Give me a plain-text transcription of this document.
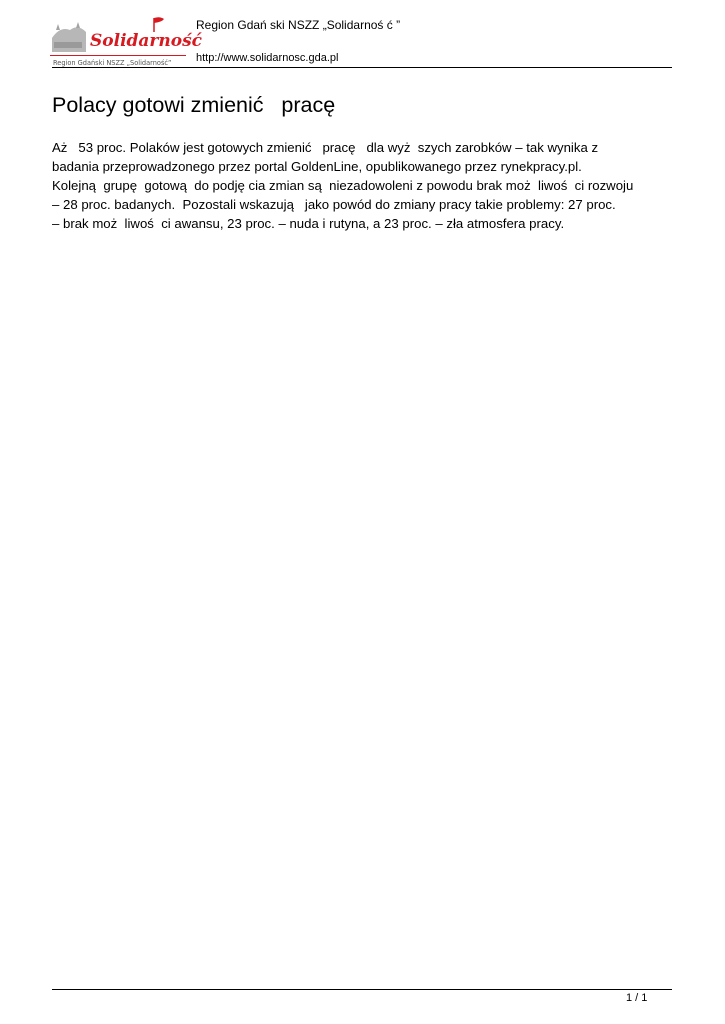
Solidarność
Region Gdański NSZZ „Solidarność”
Region Gdań ski NSZZ „Solidarnoś ć ”
http://www.solidarnosc.gda.pl
Polacy gotowi zmienić   pracę
Aż   53 proc. Polaków jest gotowych zmienić   pracę   dla wyż  szych zarobków – tak wynika z
badania przeprowadzonego przez portal GoldenLine, opublikowanego przez rynekpracy.pl.
Kolejną  grupę  gotową  do podję cia zmian są  niezadowoleni z powodu brak moż  liwoś  ci rozwoju
– 28 proc. badanych.  Pozostali wskazują   jako powód do zmiany pracy takie problemy: 27 proc.
– brak moż  liwoś  ci awansu, 23 proc. – nuda i rutyna, a 23 proc. – zła atmosfera pracy.
1 / 1
